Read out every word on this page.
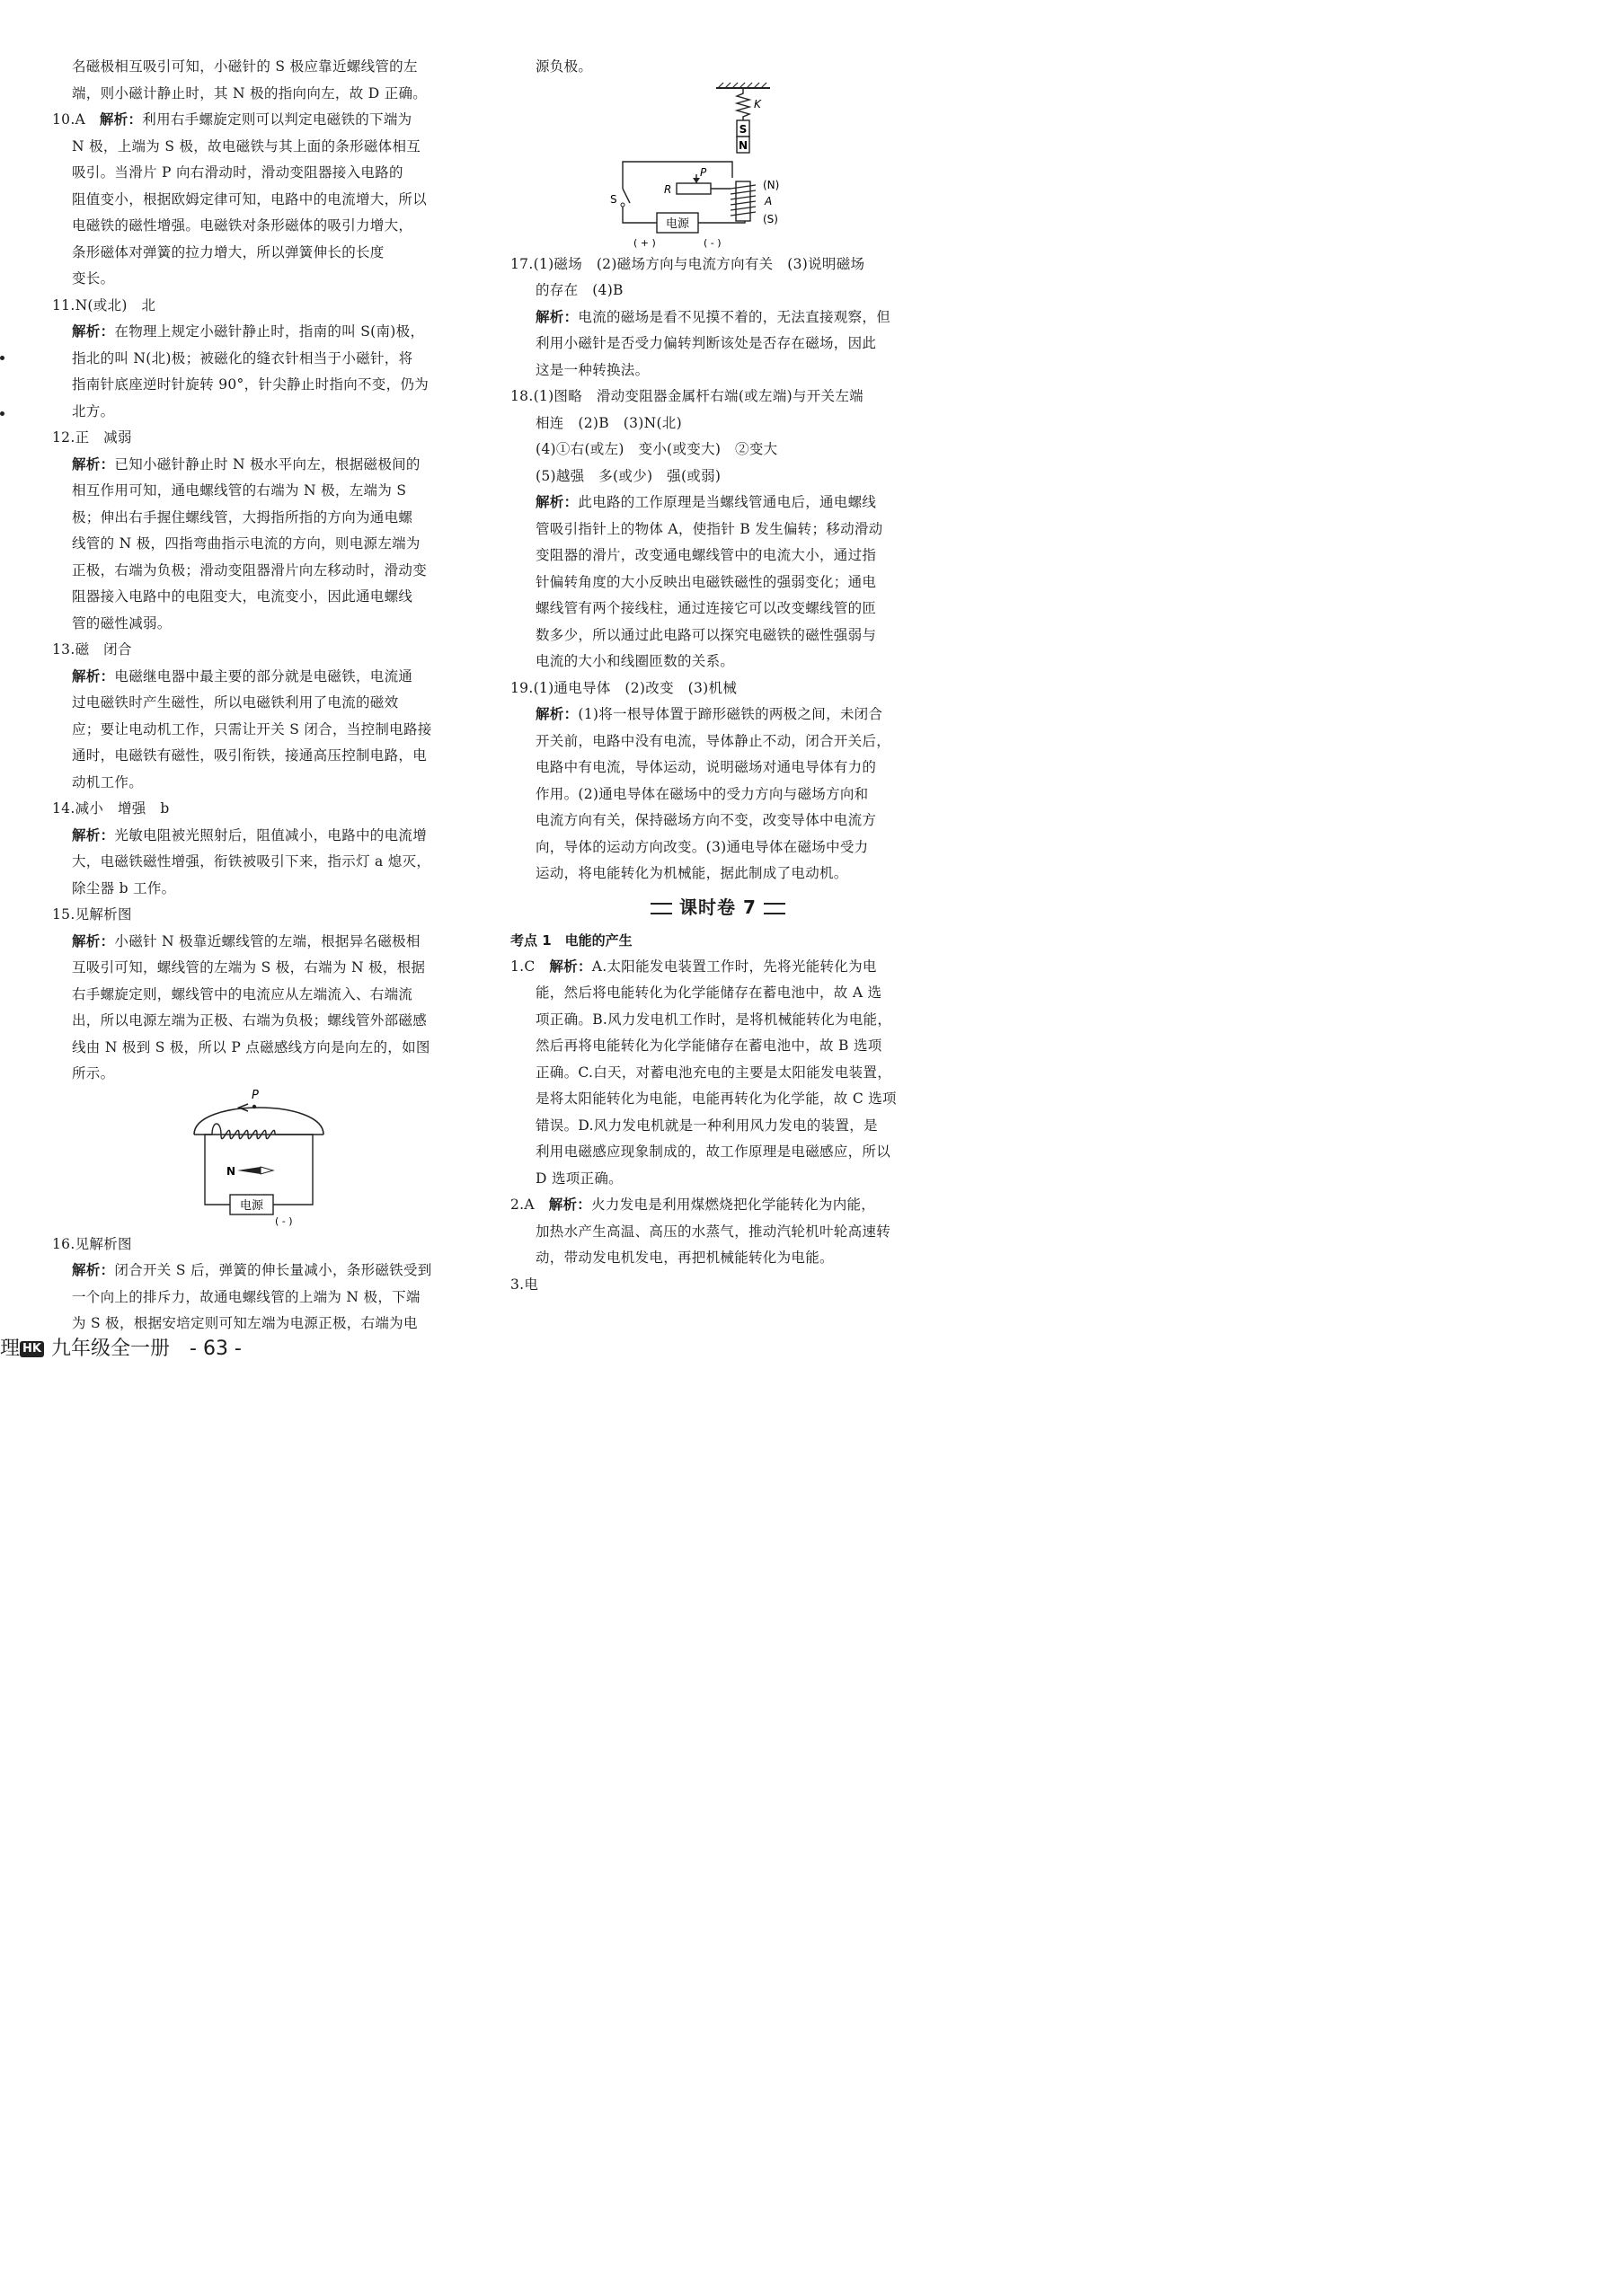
名磁极相互吸引可知，小磁针的 S 极应靠近螺线管的左

端，则小磁计静止时，其 N 极的指向向左，故 D 正确。

10.A　 解析：利用右手螺旋定则可以判定电磁铁的下端为

N 极，上端为 S 极，故电磁铁与其上面的条形磁体相互

吸引。当滑片 P 向右滑动时，滑动变阻器接入电路的

阻值变小，根据欧姆定律可知，电路中的电流增大，所以

电磁铁的磁性增强。电磁铁对条形磁体的吸引力增大，

条形磁体对弹簧的拉力增大，所以弹簧伸长的长度

变长。

11.N(或北)　北

解析：在物理上规定小磁针静止时，指南的叫 S(南)极，

指北的叫 N(北)极；被磁化的缝衣针相当于小磁针，将

指南针底座逆时针旋转 90°，针尖静止时指向不变，仍为

北方。

12.正　减弱

解析：已知小磁针静止时 N 极水平向左，根据磁极间的

相互作用可知，通电螺线管的右端为 N 极，左端为 S

极；伸出右手握住螺线管，大拇指所指的方向为通电螺

线管的 N 极，四指弯曲指示电流的方向，则电源左端为

正极，右端为负极；滑动变阻器滑片向左移动时，滑动变

阻器接入电路中的电阻变大，电流变小，因此通电螺线

管的磁性减弱。

13.磁　闭合

解析：电磁继电器中最主要的部分就是电磁铁，电流通

过电磁铁时产生磁性，所以电磁铁利用了电流的磁效

应；要让电动机工作，只需让开关 S 闭合，当控制电路接

通时，电磁铁有磁性，吸引衔铁，接通高压控制电路，电

动机工作。

14.减小　增强　b

解析：光敏电阻被光照射后，阻值减小，电路中的电流增

大，电磁铁磁性增强，衔铁被吸引下来，指示灯 a 熄灭，

除尘器 b 工作。

15.见解析图

解析：小磁针 N 极靠近螺线管的左端，根据异名磁极相

互吸引可知，螺线管的左端为 S 极，右端为 N 极，根据

右手螺旋定则，螺线管中的电流应从左端流入、右端流

出，所以电源左端为正极、右端为负极；螺线管外部磁感

线由 N 极到 S 极，所以 P 点磁感线方向是向左的，如图

所示。

P
电源
( - )
N

16.见解析图

解析：闭合开关 S 后，弹簧的伸长量减小，条形磁铁受到

一个向上的排斥力，故通电螺线管的上端为 N 极，下端

为 S 极，根据安培定则可知左端为电源正极，右端为电

源负极。

K
S
N
R
P
(N)
A
(S)
S
电源
( + )	( - )

17.(1)磁场　(2)磁场方向与电流方向有关　(3)说明磁场

的存在　(4)B

解析：电流的磁场是看不见摸不着的，无法直接观察，但

利用小磁针是否受力偏转判断该处是否存在磁场，因此

这是一种转换法。

18.(1)图略　滑动变阻器金属杆右端(或左端)与开关左端

相连　(2)B　(3)N(北)

(4)①右(或左)　变小(或变大)　②变大

(5)越强　多(或少)　强(或弱)

解析：此电路的工作原理是当螺线管通电后，通电螺线

管吸引指针上的物体 A，使指针 B 发生偏转；移动滑动

变阻器的滑片，改变通电螺线管中的电流大小，通过指

针偏转角度的大小反映出电磁铁磁性的强弱变化；通电

螺线管有两个接线柱，通过连接它可以改变螺线管的匝

数多少，所以通过此电路可以探究电磁铁的磁性强弱与

电流的大小和线圈匝数的关系。

19.(1)通电导体　(2)改变　(3)机械

解析：(1)将一根导体置于蹄形磁铁的两极之间，未闭合

开关前，电路中没有电流，导体静止不动，闭合开关后，

电路中有电流，导体运动，说明磁场对通电导体有力的

作用。(2)通电导体在磁场中的受力方向与磁场方向和

电流方向有关，保持磁场方向不变，改变导体中电流方

向，导体的运动方向改变。(3)通电导体在磁场中受力

运动，将电能转化为机械能，据此制成了电动机。

课时卷 7
考点 1　电能的产生

1.C　 解析：A.太阳能发电装置工作时，先将光能转化为电

能，然后将电能转化为化学能储存在蓄电池中，故 A 选

项正确。B.风力发电机工作时，是将机械能转化为电能，

然后再将电能转化为化学能储存在蓄电池中，故 B 选项

正确。C.白天，对蓄电池充电的主要是太阳能发电装置，

是将太阳能转化为电能，电能再转化为化学能，故 C 选项

错误。D.风力发电机就是一种利用风力发电的装置，是

利用电磁感应现象制成的，故工作原理是电磁感应，所以

D 选项正确。

2.A　 解析：火力发电是利用煤燃烧把化学能转化为内能，

加热水产生高温、高压的水蒸气，推动汽轮机叶轮高速转

动，带动发电机发电，再把机械能转化为电能。

3.电

理 HK 九年级全一册　 - 63 -
